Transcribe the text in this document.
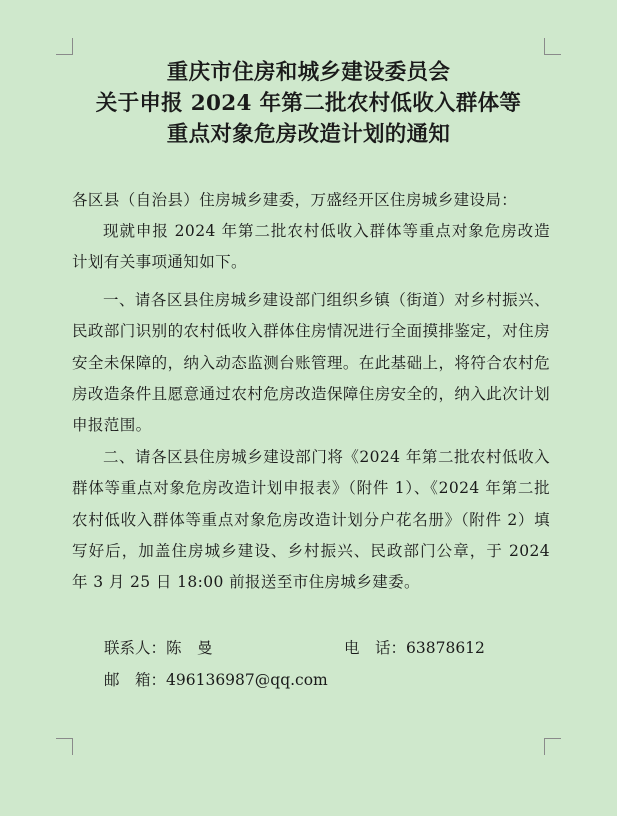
重庆市住房和城乡建设委员会
关于申报 2024 年第二批农村低收入群体等
重点对象危房改造计划的通知

各区县（自治县）住房城乡建委，万盛经开区住房城乡建设局：

现就申报 2024 年第二批农村低收入群体等重点对象危房改造计划有关事项通知如下。

一、请各区县住房城乡建设部门组织乡镇（街道）对乡村振兴、民政部门识别的农村低收入群体住房情况进行全面摸排鉴定，对住房安全未保障的，纳入动态监测台账管理。在此基础上，将符合农村危房改造条件且愿意通过农村危房改造保障住房安全的，纳入此次计划申报范围。

二、请各区县住房城乡建设部门将《2024 年第二批农村低收入群体等重点对象危房改造计划申报表》（附件 1）、《2024 年第二批农村低收入群体等重点对象危房改造计划分户花名册》（附件 2）填写好后，加盖住房城乡建设、乡村振兴、民政部门公章，于 2024 年 3 月 25 日 18:00 前报送至市住房城乡建委。

联系人：陈　曼	电　话：63878612
邮　箱：496136987@qq.com
